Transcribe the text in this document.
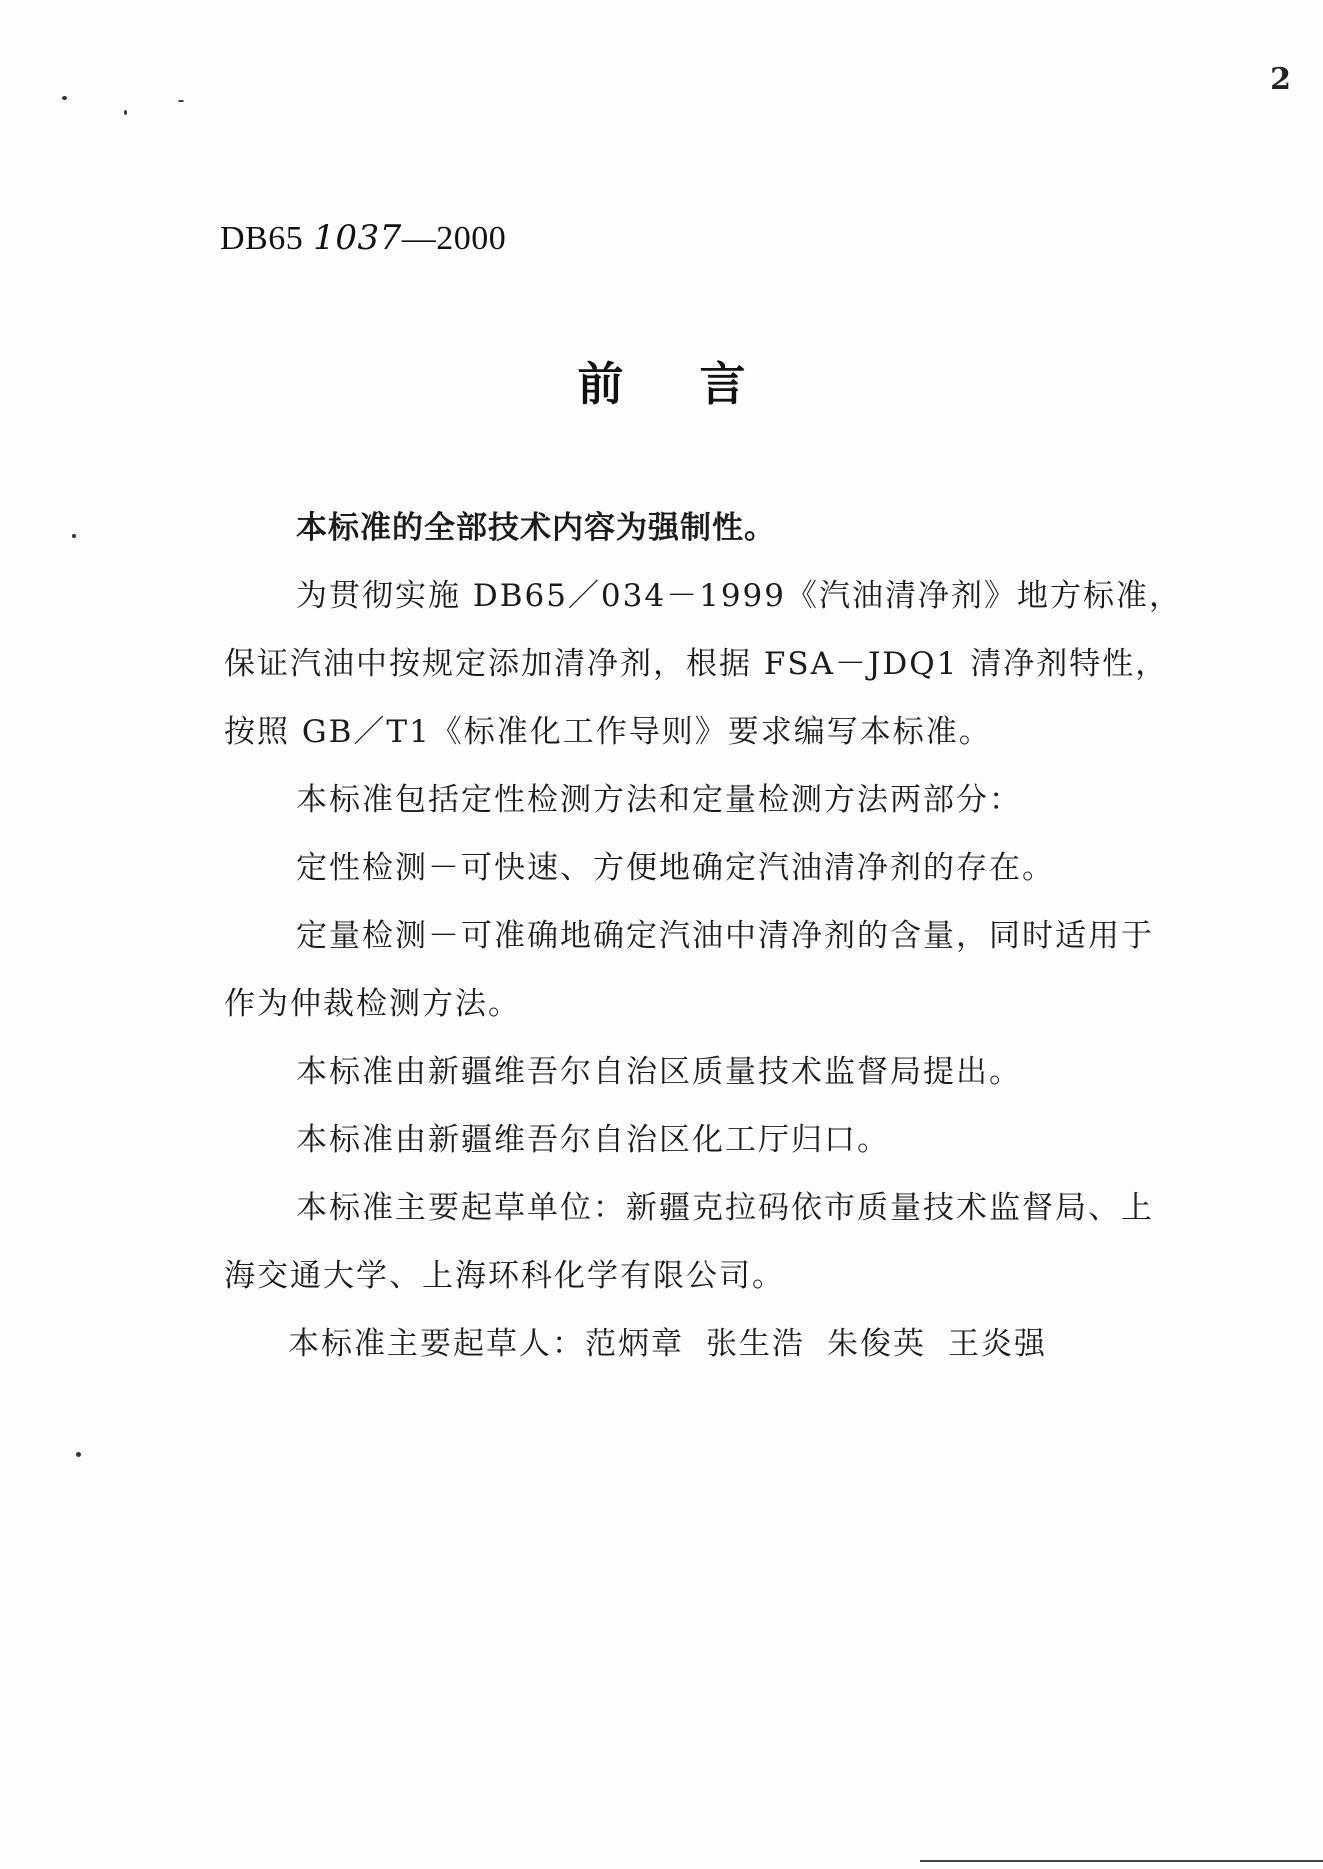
2
DB65 1037—2000
前言

本标准的全部技术内容为强制性。

为贯彻实施 DB65／034－1999《汽油清净剂》地方标准，保证汽油中按规定添加清净剂，根据 FSA－JDQ1 清净剂特性，按照 GB／T1《标准化工作导则》要求编写本标准。

本标准包括定性检测方法和定量检测方法两部分：

定性检测－可快速、方便地确定汽油清净剂的存在。

定量检测－可准确地确定汽油中清净剂的含量，同时适用于作为仲裁检测方法。

本标准由新疆维吾尔自治区质量技术监督局提出。

本标准由新疆维吾尔自治区化工厅归口。

本标准主要起草单位：新疆克拉码依市质量技术监督局、上海交通大学、上海环科化学有限公司。

本标准主要起草人：范炳章 张生浩 朱俊英 王炎强
